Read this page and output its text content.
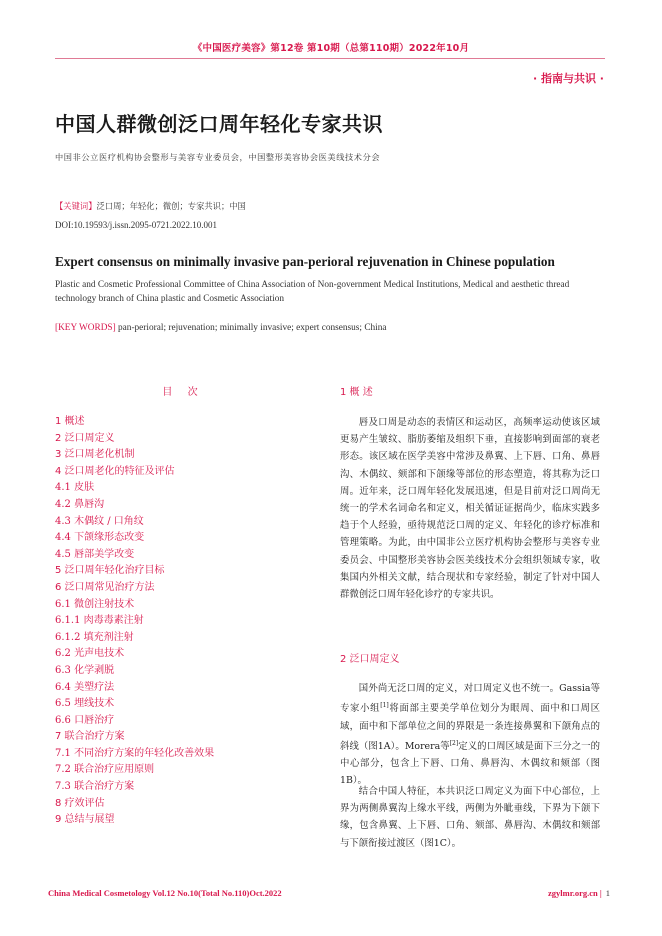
《中国医疗美容》第12卷 第10期（总第110期）2022年10月
· 指南与共识 ·
中国人群微创泛口周年轻化专家共识
中国非公立医疗机构协会整形与美容专业委员会，中国整形美容协会医美线技术分会
【关键词】泛口周；年轻化；微创；专家共识；中国
DOI:10.19593/j.issn.2095-0721.2022.10.001
Expert consensus on minimally invasive pan-perioral rejuvenation in Chinese population
Plastic and Cosmetic Professional Committee of China Association of Non-government Medical Institutions, Medical and aesthetic thread technology branch of China plastic and Cosmetic Association
[KEY WORDS] pan-perioral; rejuvenation; minimally invasive; expert consensus; China
目 次
1 概述
2 泛口周定义
3 泛口周老化机制
4 泛口周老化的特征及评估
4.1 皮肤
4.2 鼻唇沟
4.3 木偶纹 / 口角纹
4.4 下颌缘形态改变
4.5 唇部美学改变
5 泛口周年轻化治疗目标
6 泛口周常见治疗方法
6.1 微创注射技术
6.1.1 肉毒毒素注射
6.1.2 填充剂注射
6.2 光声电技术
6.3 化学剥脱
6.4 美塑疗法
6.5 埋线技术
6.6 口唇治疗
7 联合治疗方案
7.1 不同治疗方案的年轻化改善效果
7.2 联合治疗应用原则
7.3 联合治疗方案
8 疗效评估
9 总结与展望
1 概 述

唇及口周是动态的表情区和运动区，高频率运动使该区域更易产生皱纹、脂肪萎缩及组织下垂，直接影响到面部的衰老形态。该区域在医学美容中常涉及鼻翼、上下唇、口角、鼻唇沟、木偶纹、颏部和下颌缘等部位的形态塑造，将其称为泛口周。近年来，泛口周年轻化发展迅速，但是目前对泛口周尚无统一的学术名词命名和定义，相关循证证据尚少，临床实践多趋于个人经验，亟待规范泛口周的定义、年轻化的诊疗标准和管理策略。为此，由中国非公立医疗机构协会整形与美容专业委员会、中国整形美容协会医美线技术分会组织领域专家，收集国内外相关文献，结合现状和专家经验，制定了针对中国人群微创泛口周年轻化诊疗的专家共识。

2 泛口周定义

国外尚无泛口周的定义，对口周定义也不统一。Gassia等专家小组[1]将面部主要美学单位划分为眼周、面中和口周区域，面中和下部单位之间的界限是一条连接鼻翼和下颌角点的斜线（图1A）。Morera等[2]定义的口周区域是面下三分之一的中心部分，包含上下唇、口角、鼻唇沟、木偶纹和颏部（图1B）。

结合中国人特征，本共识泛口周定义为面下中心部位，上界为两侧鼻翼沟上缘水平线，两侧为外眦垂线，下界为下颌下缘，包含鼻翼、上下唇、口角、颏部、鼻唇沟、木偶纹和颏部与下颌衔接过渡区（图1C）。

China Medical Cosmetology Vol.12 No.10(Total No.110)Oct.2022	zgylmr.org.cn | 1
